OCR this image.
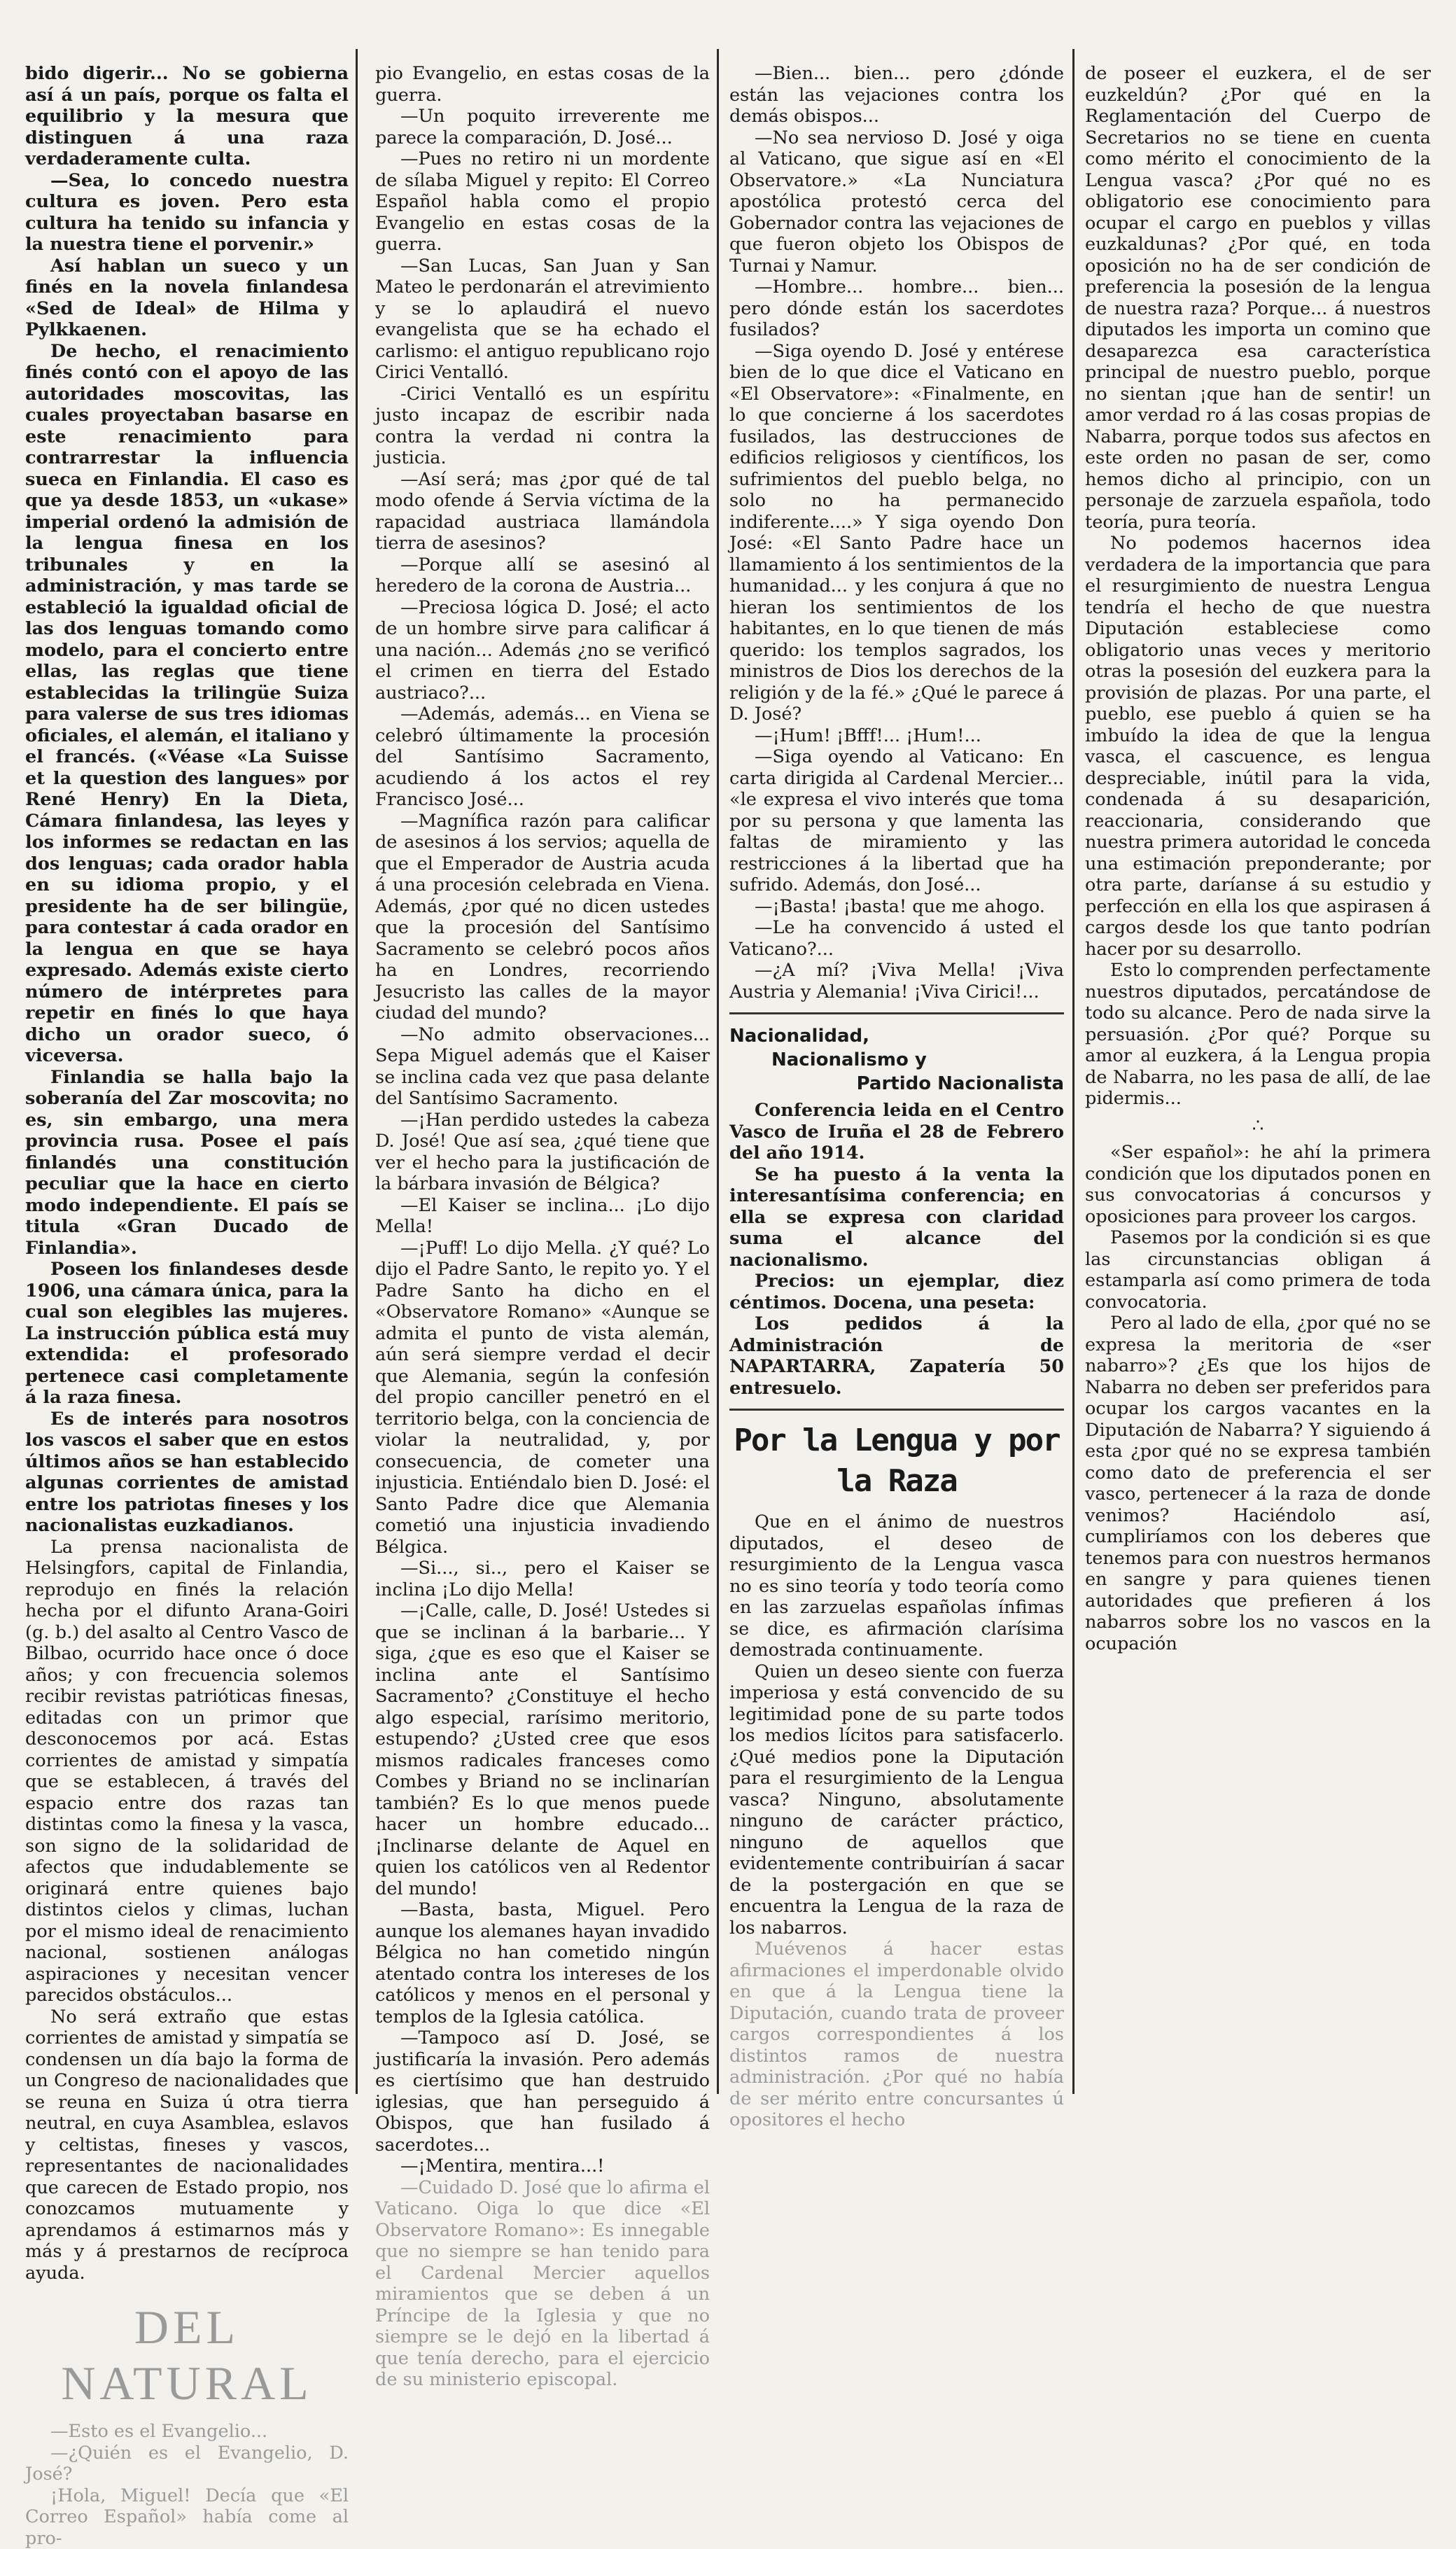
bido digerir... No se gobierna así á un país, porque os falta el equilibrio y la mesura que distinguen á una raza verdaderamente culta.

—Sea, lo concedo nuestra cultura es joven. Pero esta cultura ha tenido su infancia y la nuestra tiene el porvenir.»

Así hablan un sueco y un finés en la novela finlandesa «Sed de Ideal» de Hilma y Pylkkaenen.

De hecho, el renacimiento finés contó con el apoyo de las autoridades moscovitas, las cuales proyectaban basarse en este renacimiento para contrarrestar la influencia sueca en Finlandia. El caso es que ya desde 1853, un «ukase» imperial ordenó la admisión de la lengua finesa en los tribunales y en la administración, y mas tarde se estableció la igualdad oficial de las dos lenguas tomando como modelo, para el concierto entre ellas, las reglas que tiene establecidas la trilingüe Suiza para valerse de sus tres idiomas oficiales, el alemán, el italiano y el francés. («Véase «La Suisse et la question des langues» por René Henry) En la Dieta, Cámara finlandesa, las leyes y los informes se redactan en las dos lenguas; cada orador habla en su idioma propio, y el presidente ha de ser bilingüe, para contestar á cada orador en la lengua en que se haya expresado. Además existe cierto número de intérpretes para repetir en finés lo que haya dicho un orador sueco, ó viceversa.

Finlandia se halla bajo la soberanía del Zar moscovita; no es, sin embargo, una mera provincia rusa. Posee el país finlandés una constitución peculiar que la hace en cierto modo independiente. El país se titula «Gran Ducado de Finlandia».

Poseen los finlandeses desde 1906, una cámara única, para la cual son elegibles las mujeres. La instrucción pública está muy extendida: el profesorado pertenece casi completamente á la raza finesa.

Es de interés para nosotros los vascos el saber que en estos últimos años se han establecido algunas corrientes de amistad entre los patriotas fineses y los nacionalistas euzkadianos.

La prensa nacionalista de Helsingfors, capital de Finlandia, reprodujo en finés la relación hecha por el difunto Arana-Goiri (g. b.) del asalto al Centro Vasco de Bilbao, ocurrido hace once ó doce años; y con frecuencia solemos recibir revistas patrióticas finesas, editadas con un primor que desconocemos por acá. Estas corrientes de amistad y simpatía que se establecen, á través del espacio entre dos razas tan distintas como la finesa y la vasca, son signo de la solidaridad de afectos que indudablemente se originará entre quienes bajo distintos cielos y climas, luchan por el mismo ideal de renacimiento nacional, sostienen análogas aspiraciones y necesitan vencer parecidos obstáculos...

No será extraño que estas corrientes de amistad y simpatía se condensen un día bajo la forma de un Congreso de nacionalidades que se reuna en Suiza ú otra tierra neutral, en cuya Asamblea, eslavos y celtistas, fineses y vascos, representantes de nacionalidades que carecen de Estado propio, nos conozcamos mutuamente y aprendamos á estimarnos más y más y á prestarnos de recíproca ayuda.

DEL NATURAL

—Esto es el Evangelio...

—¿Quién es el Evangelio, D. José?

¡Hola, Miguel! Decía que «El Correo Español» había come al pro-

pio Evangelio, en estas cosas de la guerra.

—Un poquito irreverente me parece la comparación, D. José...

—Pues no retiro ni un mordente de sílaba Miguel y repito: El Correo Español habla como el propio Evangelio en estas cosas de la guerra.

—San Lucas, San Juan y San Mateo le perdonarán el atrevimiento y se lo aplaudirá el nuevo evangelista que se ha echado el carlismo: el antiguo republicano rojo Cirici Ventalló.

-Cirici Ventalló es un espíritu justo incapaz de escribir nada contra la verdad ni contra la justicia.

—Así será; mas ¿por qué de tal modo ofende á Servia víctima de la rapacidad austriaca llamándola tierra de asesinos?

—Porque allí se asesinó al heredero de la corona de Austria...

—Preciosa lógica D. José; el acto de un hombre sirve para calificar á una nación... Además ¿no se verificó el crimen en tierra del Estado austriaco?...

—Además, además... en Viena se celebró últimamente la procesión del Santísimo Sacramento, acudiendo á los actos el rey Francisco José...

—Magnífica razón para calificar de asesinos á los servios; aquella de que el Emperador de Austria acuda á una procesión celebrada en Viena. Además, ¿por qué no dicen ustedes que la procesión del Santísimo Sacramento se celebró pocos años ha en Londres, recorriendo Jesucristo las calles de la mayor ciudad del mundo?

—No admito observaciones... Sepa Miguel además que el Kaiser se inclina cada vez que pasa delante del Santísimo Sacramento.

—¡Han perdido ustedes la cabeza D. José! Que así sea, ¿qué tiene que ver el hecho para la justificación de la bárbara invasión de Bélgica?

—El Kaiser se inclina... ¡Lo dijo Mella!

—¡Puff! Lo dijo Mella. ¿Y qué? Lo dijo el Padre Santo, le repito yo. Y el Padre Santo ha dicho en el «Observatore Romano» «Aunque se admita el punto de vista alemán, aún será siempre verdad el decir que Alemania, según la confesión del propio canciller penetró en el territorio belga, con la conciencia de violar la neutralidad, y, por consecuencia, de cometer una injusticia. Entiéndalo bien D. José: el Santo Padre dice que Alemania cometió una injusticia invadiendo Bélgica.

—Si..., si.., pero el Kaiser se inclina ¡Lo dijo Mella!

—¡Calle, calle, D. José! Ustedes si que se inclinan á la barbarie... Y siga, ¿que es eso que el Kaiser se inclina ante el Santísimo Sacramento? ¿Constituye el hecho algo especial, rarísimo meritorio, estupendo? ¿Usted cree que esos mismos radicales franceses como Combes y Briand no se inclinarían también? Es lo que menos puede hacer un hombre educado... ¡Inclinarse delante de Aquel en quien los católicos ven al Redentor del mundo!

—Basta, basta, Miguel. Pero aunque los alemanes hayan invadido Bélgica no han cometido ningún atentado contra los intereses de los católicos y menos en el personal y templos de la Iglesia católica.

—Tampoco así D. José, se justificaría la invasión. Pero además es ciertísimo que han destruido iglesias, que han perseguido á Obispos, que han fusilado á sacerdotes...

—¡Mentira, mentira...!

—Cuidado D. José que lo afirma el Vaticano. Oiga lo que dice «El Observatore Romano»: Es innegable que no siempre se han tenido para el Cardenal Mercier aquellos miramientos que se deben á un Príncipe de la Iglesia y que no siempre se le dejó en la libertad á que tenía derecho, para el ejercicio de su ministerio episcopal.

—Bien... bien... pero ¿dónde están las vejaciones contra los demás obispos...

—No sea nervioso D. José y oiga al Vaticano, que sigue así en «El Observatore.» «La Nunciatura apostólica protestó cerca del Gobernador contra las vejaciones de que fueron objeto los Obispos de Turnai y Namur.

—Hombre... hombre... bien... pero dónde están los sacerdotes fusilados?

—Siga oyendo D. José y entérese bien de lo que dice el Vaticano en «El Observatore»: «Finalmente, en lo que concierne á los sacerdotes fusilados, las destrucciones de edificios religiosos y científicos, los sufrimientos del pueblo belga, no solo no ha permanecido indiferente....» Y siga oyendo Don José: «El Santo Padre hace un llamamiento á los sentimientos de la humanidad... y les conjura á que no hieran los sentimientos de los habitantes, en lo que tienen de más querido: los templos sagrados, los ministros de Dios los derechos de la religión y de la fé.» ¿Qué le parece á D. José?

—¡Hum! ¡Bfff!... ¡Hum!...

—Siga oyendo al Vaticano: En carta dirigida al Cardenal Mercier... «le expresa el vivo interés que toma por su persona y que lamenta las faltas de miramiento y las restricciones á la libertad que ha sufrido. Además, don José...

—¡Basta! ¡basta! que me ahogo.

—Le ha convencido á usted el Vaticano?...

—¿A mí? ¡Viva Mella! ¡Viva Austria y Alemania! ¡Viva Cirici!...

Nacionalidad,
Nacionalismo y
Partido Nacionalista

Conferencia leida en el Centro Vasco de Iruña el 28 de Febrero del año 1914.

Se ha puesto á la venta la interesantísima conferencia; en ella se expresa con claridad suma el alcance del nacionalismo.

Precios: un ejemplar, diez céntimos. Docena, una peseta:

Los pedidos á la Administración de NAPARTARRA, Zapatería 50 entresuelo.

Por la Lengua y por la Raza

Que en el ánimo de nuestros diputados, el deseo de resurgimiento de la Lengua vasca no es sino teoría y todo teoría como en las zarzuelas españolas ínfimas se dice, es afirmación clarísima demostrada continuamente.

Quien un deseo siente con fuerza imperiosa y está convencido de su legitimidad pone de su parte todos los medios lícitos para satisfacerlo. ¿Qué medios pone la Diputación para el resurgimiento de la Lengua vasca? Ninguno, absolutamente ninguno de carácter práctico, ninguno de aquellos que evidentemente contribuirían á sacar de la postergación en que se encuentra la Lengua de la raza de los nabarros.

Muévenos á hacer estas afirmaciones el imperdonable olvido en que á la Lengua tiene la Diputación, cuando trata de proveer cargos correspondientes á los distintos ramos de nuestra administración. ¿Por qué no había de ser mérito entre concursantes ú opositores el hecho

de poseer el euzkera, el de ser euzkeldún? ¿Por qué en la Reglamentación del Cuerpo de Secretarios no se tiene en cuenta como mérito el conocimiento de la Lengua vasca? ¿Por qué no es obligatorio ese conocimiento para ocupar el cargo en pueblos y villas euzkaldunas? ¿Por qué, en toda oposición no ha de ser condición de preferencia la posesión de la lengua de nuestra raza? Porque... á nuestros diputados les importa un comino que desaparezca esa característica principal de nuestro pueblo, porque no sientan ¡que han de sentir! un amor verdad ro á las cosas propias de Nabarra, porque todos sus afectos en este orden no pasan de ser, como hemos dicho al principio, con un personaje de zarzuela española, todo teoría, pura teoría.

No podemos hacernos idea verdadera de la importancia que para el resurgimiento de nuestra Lengua tendría el hecho de que nuestra Diputación estableciese como obligatorio unas veces y meritorio otras la posesión del euzkera para la provisión de plazas. Por una parte, el pueblo, ese pueblo á quien se ha imbuído la idea de que la lengua vasca, el cascuence, es lengua despreciable, inútil para la vida, condenada á su desaparición, reaccionaria, considerando que nuestra primera autoridad le conceda una estimación preponderante; por otra parte, daríanse á su estudio y perfección en ella los que aspirasen á cargos desde los que tanto podrían hacer por su desarrollo.

Esto lo comprenden perfectamente nuestros diputados, percatándose de todo su alcance. Pero de nada sirve la persuasión. ¿Por qué? Porque su amor al euzkera, á la Lengua propia de Nabarra, no les pasa de allí, de lae pidermis...

∴

«Ser español»: he ahí la primera condición que los diputados ponen en sus convocatorias á concursos y oposiciones para proveer los cargos.

Pasemos por la condición si es que las circunstancias obligan á estamparla así como primera de toda convocatoria.

Pero al lado de ella, ¿por qué no se expresa la meritoria de «ser nabarro»? ¿Es que los hijos de Nabarra no deben ser preferidos para ocupar los cargos vacantes en la Diputación de Nabarra? Y siguiendo á esta ¿por qué no se expresa también como dato de preferencia el ser vasco, pertenecer á la raza de donde venimos? Haciéndolo así, cumpliríamos con los deberes que tenemos para con nuestros hermanos en sangre y para quienes tienen autoridades que prefieren á los nabarros sobre los no vascos en la ocupación
